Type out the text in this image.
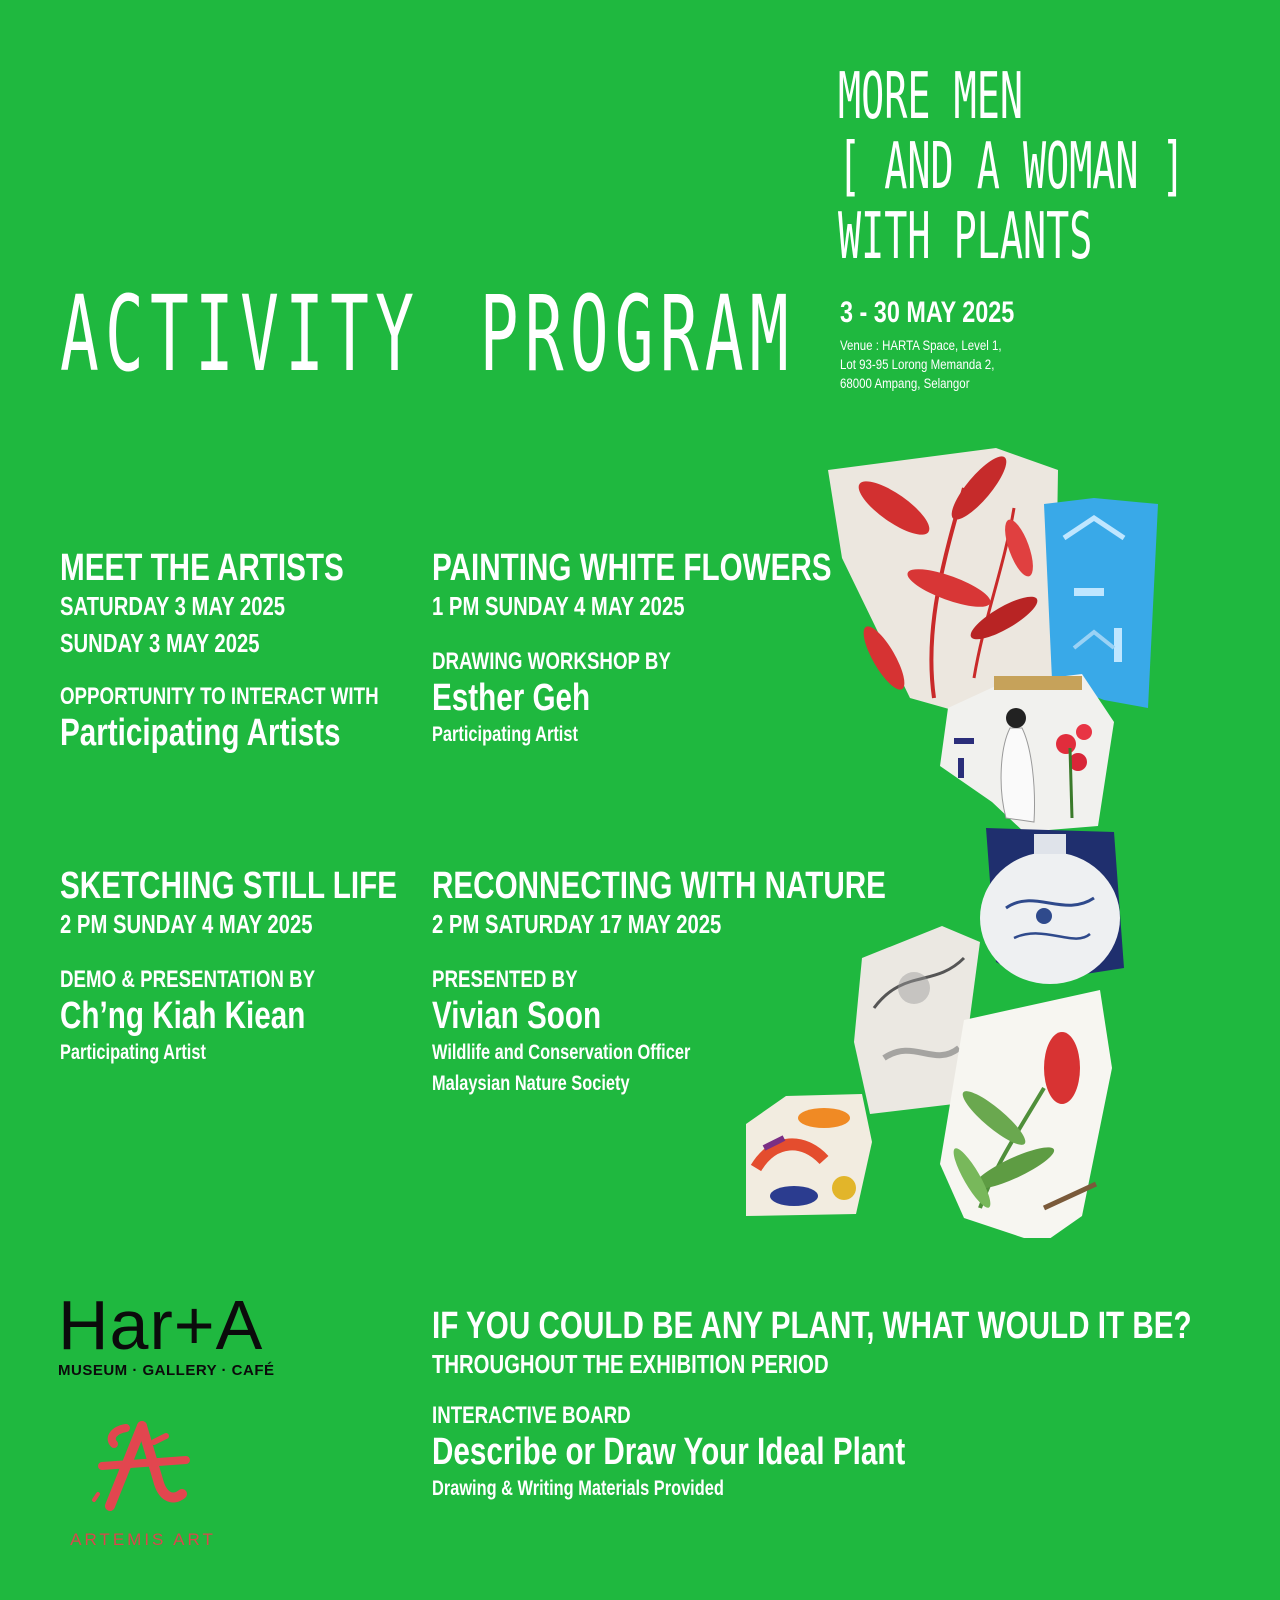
ACTIVITY PROGRAM
MORE MEN
[ AND A WOMAN ]
WITH PLANTS
3 - 30 MAY 2025
Venue : HARTA Space, Level 1,
Lot 93-95 Lorong Memanda 2,
68000 Ampang, Selangor
MEET THE ARTISTS
SATURDAY 3 MAY 2025
SUNDAY 3 MAY 2025
OPPORTUNITY TO INTERACT WITH
Participating Artists
PAINTING WHITE FLOWERS
1 PM SUNDAY 4 MAY 2025
DRAWING WORKSHOP BY
Esther Geh
Participating Artist
SKETCHING STILL LIFE
2 PM SUNDAY 4 MAY 2025
DEMO & PRESENTATION BY
Ch’ng Kiah Kiean
Participating Artist
RECONNECTING WITH NATURE
2 PM SATURDAY 17 MAY 2025
PRESENTED BY
Vivian Soon
Wildlife and Conservation Officer
Malaysian Nature Society
IF YOU COULD BE ANY PLANT, WHAT WOULD IT BE?
THROUGHOUT THE EXHIBITION PERIOD
INTERACTIVE BOARD
Describe or Draw Your Ideal Plant
Drawing & Writing Materials Provided
Har+A
MUSEUM · GALLERY · CAFÉ
ARTEMIS ART
